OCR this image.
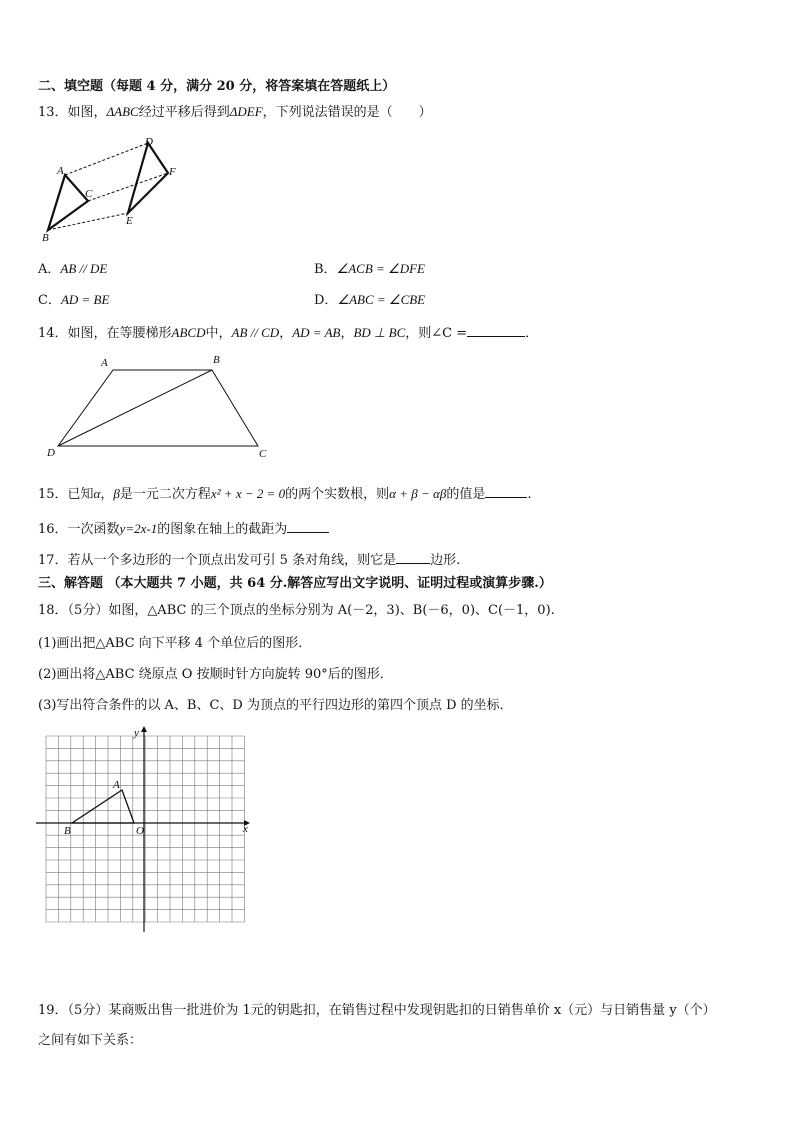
二、填空题（每题 4 分，满分 20 分，将答案填在答题纸上）
13．如图，ΔABC经过平移后得到ΔDEF，下列说法错误的是（　　）
A
B
C
D
E
F
A．AB // DE	B．∠ACB = ∠DFE
C．AD = BE	D．∠ABC = ∠CBE
14．如图，在等腰梯形ABCD中，AB // CD，AD = AB，BD ⊥ BC，则∠C =	．
A	B
C
D
15．已知α，β是一元二次方程x² + x − 2 = 0的两个实数根，则α + β − αβ的值是	.
16．一次函数y=2x-1的图象在轴上的截距为
17．若从一个多边形的一个顶点出发可引 5 条对角线，则它是	边形.
三、解答题 （本大题共 7 小题，共 64 分.解答应写出文字说明、证明过程或演算步骤.）
18．（5分）如图，△ABC 的三个顶点的坐标分别为 A(－2，3)、B(－6，0)、C(－1，0).
(1)画出把△ABC 向下平移 4 个单位后的图形．
(2)画出将△ABC 绕原点 O 按顺时针方向旋转 90°后的图形．
(3)写出符合条件的以 A、B、C、D 为顶点的平行四边形的第四个顶点 D 的坐标．
A
B	O	x
y
19．（5分）某商贩出售一批进价为 1元的钥匙扣，在销售过程中发现钥匙扣的日销售单价 x（元）与日销售量 y（个）
之间有如下关系：
